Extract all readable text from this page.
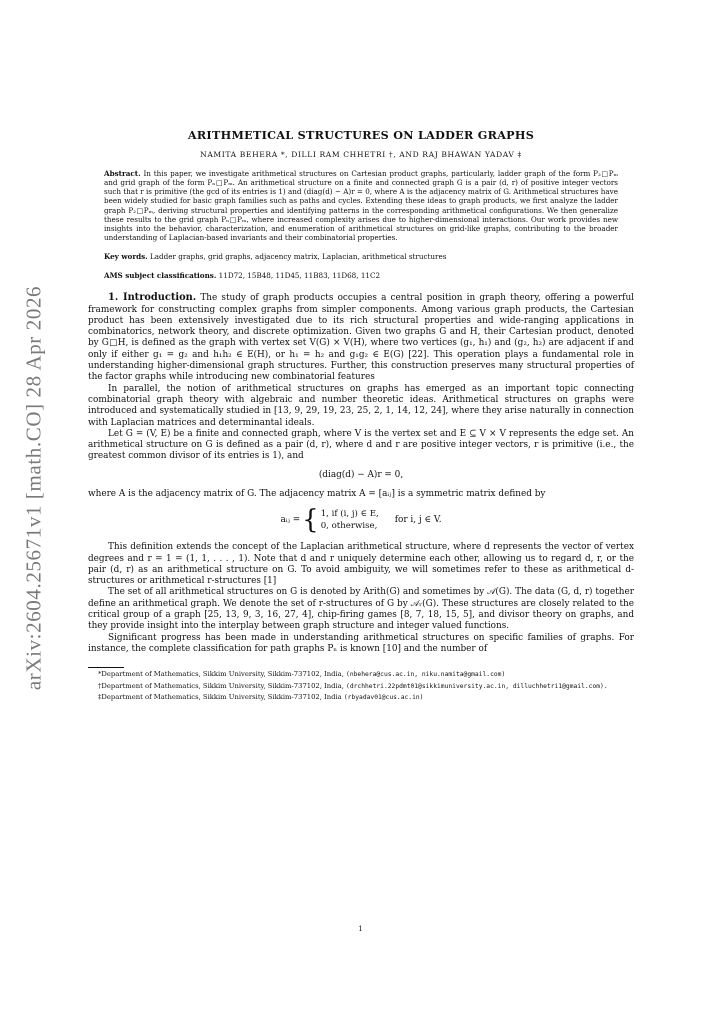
arXiv:2604.25671v1 [math.CO] 28 Apr 2026
ARITHMETICAL STRUCTURES ON LADDER GRAPHS
NAMITA BEHERA *, DILLI RAM CHHETRI †, AND RAJ BHAWAN YADAV ‡
Abstract. In this paper, we investigate arithmetical structures on Cartesian product graphs, particularly, ladder graph of the form P₂□Pₘ and grid graph of the form Pₙ□Pₘ. An arithmetical structure on a finite and connected graph G is a pair (d, r) of positive integer vectors such that r is primitive (the gcd of its entries is 1) and (diag(d) − A)r = 0, where A is the adjacency matrix of G. Arithmetical structures have been widely studied for basic graph families such as paths and cycles. Extending these ideas to graph products, we first analyze the ladder graph P₂□Pₘ, deriving structural properties and identifying patterns in the corresponding arithmetical configurations. We then generalize these results to the grid graph Pₙ□Pₘ, where increased complexity arises due to higher-dimensional interactions. Our work provides new insights into the behavior, characterization, and enumeration of arithmetical structures on grid-like graphs, contributing to the broader understanding of Laplacian-based invariants and their combinatorial properties.
Key words. Ladder graphs, grid graphs, adjacency matrix, Laplacian, arithmetical structures
AMS subject classifications. 11D72, 15B48, 11D45, 11B83, 11D68, 11C2

1. Introduction. The study of graph products occupies a central position in graph theory, offering a powerful framework for constructing complex graphs from simpler components. Among various graph products, the Cartesian product has been extensively investigated due to its rich structural properties and wide-ranging applications in combinatorics, network theory, and discrete optimization. Given two graphs G and H, their Cartesian product, denoted by G□H, is defined as the graph with vertex set V(G) × V(H), where two vertices (g₁, h₁) and (g₂, h₂) are adjacent if and only if either g₁ = g₂ and h₁h₂ ∈ E(H), or h₁ = h₂ and g₁g₂ ∈ E(G) [22]. This operation plays a fundamental role in understanding higher-dimensional graph structures. Further, this construction preserves many structural properties of the factor graphs while introducing new combinatorial features

In parallel, the notion of arithmetical structures on graphs has emerged as an important topic connecting combinatorial graph theory with algebraic and number theoretic ideas. Arithmetical structures on graphs were introduced and systematically studied in [13, 9, 29, 19, 23, 25, 2, 1, 14, 12, 24], where they arise naturally in connection with Laplacian matrices and determinantal ideals.

Let G = (V, E) be a finite and connected graph, where V is the vertex set and E ⊆ V × V represents the edge set. An arithmetical structure on G is defined as a pair (d, r), where d and r are positive integer vectors, r is primitive (i.e., the greatest common divisor of its entries is 1), and

(diag(d) − A)r = 0,

where A is the adjacency matrix of G. The adjacency matrix A = [aᵢⱼ] is a symmetric matrix defined by

aᵢⱼ = { 1, if (i, j) ∈ E,
0, otherwise,
for i, j ∈ V.

This definition extends the concept of the Laplacian arithmetical structure, where d represents the vector of vertex degrees and r = 1 = (1, 1, . . . , 1). Note that d and r uniquely determine each other, allowing us to regard d, r, or the pair (d, r) as an arithmetical structure on G. To avoid ambiguity, we will sometimes refer to these as arithmetical d-structures or arithmetical r-structures [1]

The set of all arithmetical structures on G is denoted by Arith(G) and sometimes by 𝒜(G). The data (G, d, r) together define an arithmetical graph. We denote the set of r-structures of G by 𝒜ᵣ(G). These structures are closely related to the critical group of a graph [25, 13, 9, 3, 16, 27, 4], chip-firing games [8, 7, 18, 15, 5], and divisor theory on graphs, and they provide insight into the interplay between graph structure and integer valued functions.

Significant progress has been made in understanding arithmetical structures on specific families of graphs. For instance, the complete classification for path graphs Pₙ is known [10] and the number of

*Department of Mathematics, Sikkim University, Sikkim-737102, India, (nbehera@cus.ac.in, niku.namita@gmail.com)
†Department of Mathematics, Sikkim University, Sikkim-737102, India, (drchhetri.22pdmt01@sikkimuniversity.ac.in, dilluchhetri1@gmail.com).
‡Department of Mathematics, Sikkim University, Sikkim-737102, India (rbyadav01@cus.ac.in)
1
